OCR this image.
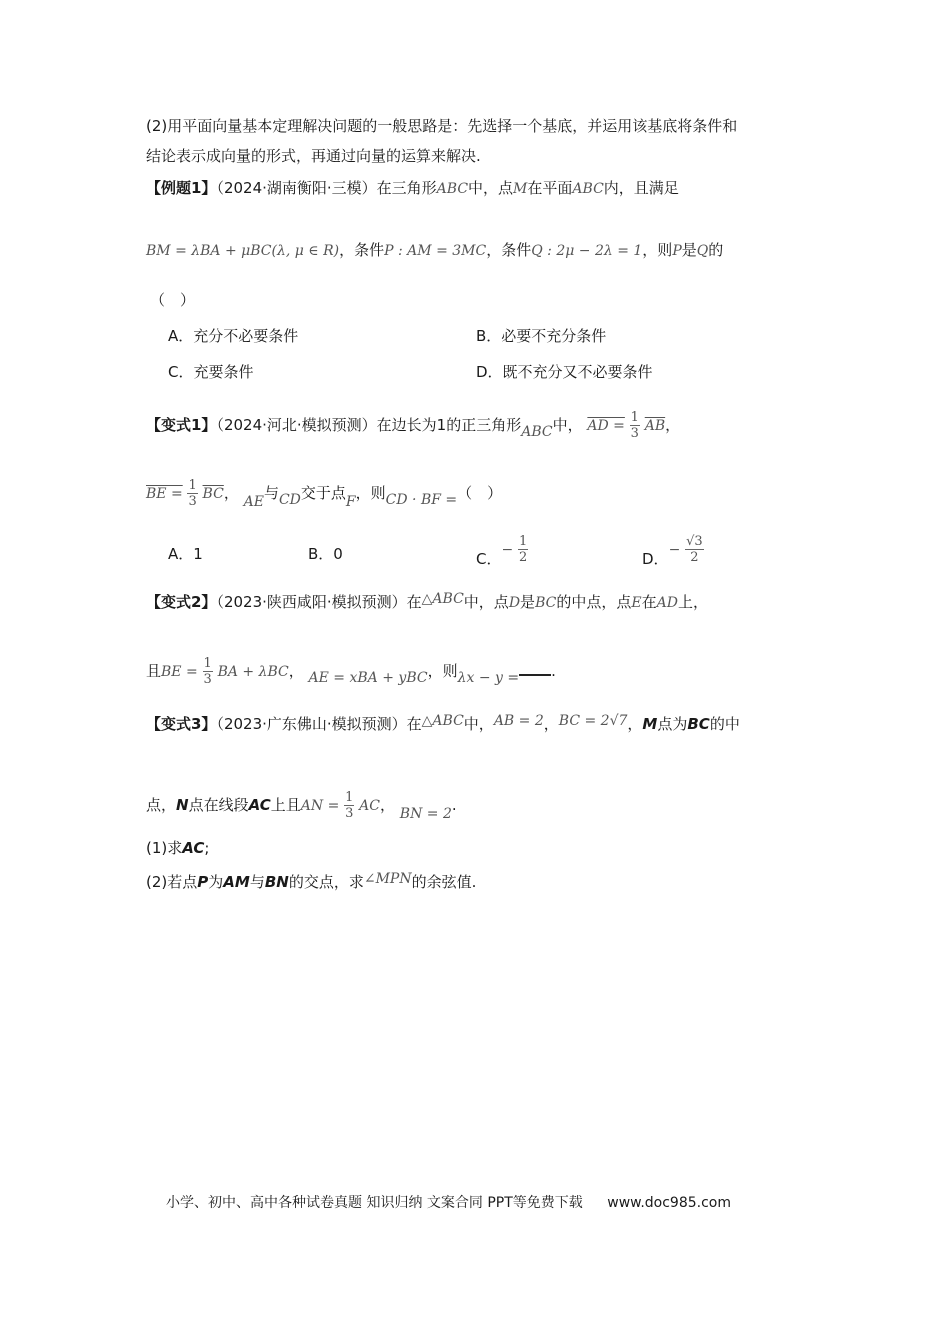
(2)用平面向量基本定理解决问题的一般思路是：先选择一个基底，并运用该基底将条件和
结论表示成向量的形式，再通过向量的运算来解决.
【例题1】（2024·湖南衡阳·三模）在三角形ABC中，点M在平面ABC内，且满足
BM = λBA + μBC(λ, μ ∈ R)，条件P : AM = 3MC，条件Q : 2μ − 2λ = 1，则P是Q的
（　）
A．充分不必要条件	B．必要不充分条件
C．充要条件	D．既不充分又不必要条件
【变式1】（2024·河北·模拟预测）在边长为1的正三角形ABC中， AD = $\frac{1}{3} \overline{AB}$，
BE = $\frac{1}{3} \overline{BC}$， AE与CD交于点F，则CD · BF =（　）
A．1	B．0	C．− $\frac{1}{2}$	D．− $\frac{√3}{2}$
【变式2】（2023·陕西咸阳·模拟预测）在△ABC中，点D是BC的中点，点E在AD上，
且BE = $\frac{1}{3}$ BA + λBC， AE = xBA + yBC，则λx − y = .
【变式3】（2023·广东佛山·模拟预测）在△ABC中，AB = 2，BC = 2√7，M点为BC的中
点，N点在线段AC上且AN = $\frac{1}{3}$ AC， BN = 2.
(1)求AC;
(2)若点P为AM与BN的交点，求∠MPN的余弦值.
小学、初中、高中各种试卷真题 知识归纳 文案合同 PPT等免费下载 www.doc985.com
